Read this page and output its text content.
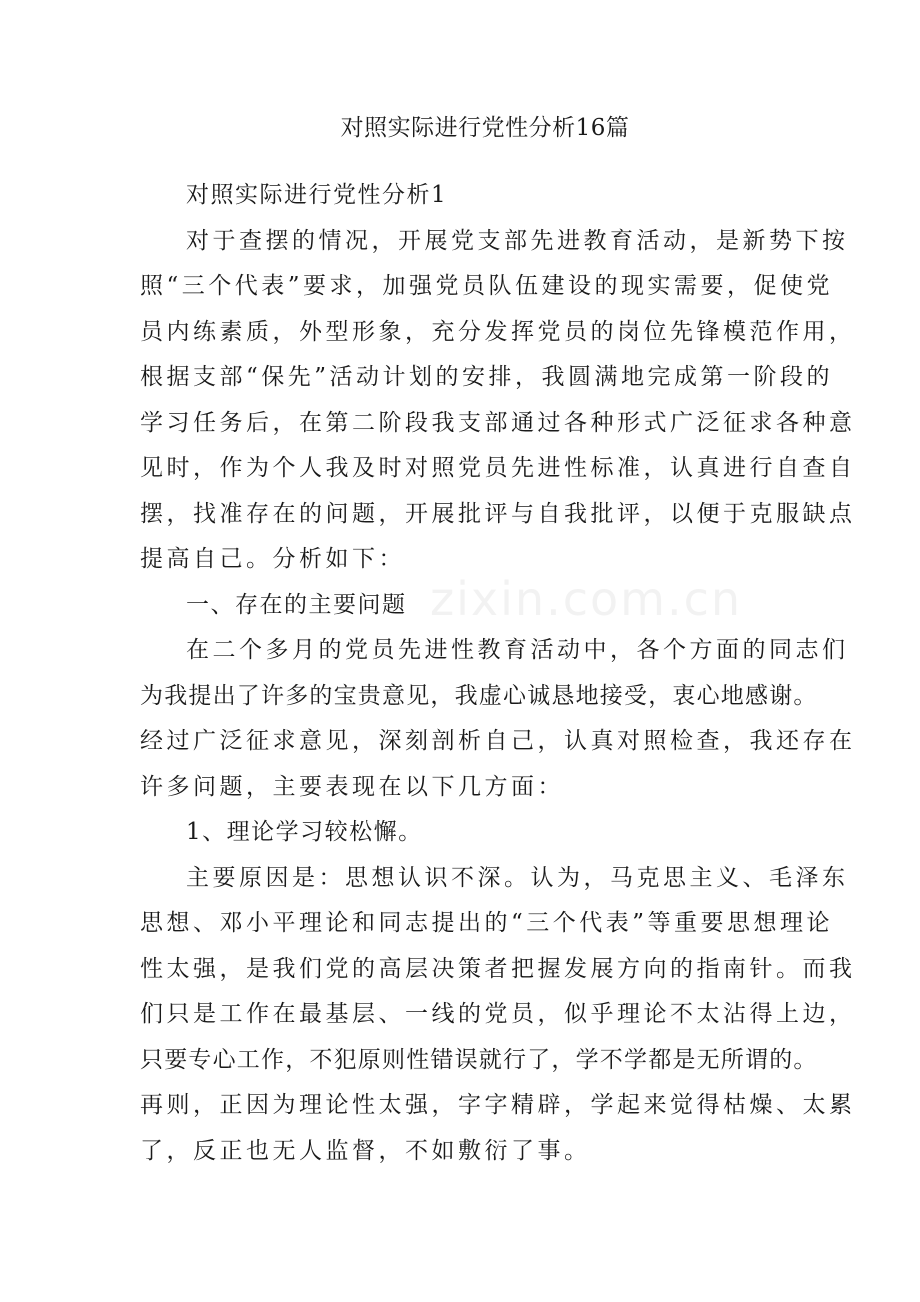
zixin.com.cn
对照实际进行党性分析16篇

对照实际进行党性分析1

对于查摆的情况，开展党支部先进教育活动，是新势下按
照“三个代表”要求，加强党员队伍建设的现实需要，促使党
员内练素质，外型形象，充分发挥党员的岗位先锋模范作用，
根据支部“保先”活动计划的安排，我圆满地完成第一阶段的
学习任务后，在第二阶段我支部通过各种形式广泛征求各种意
见时，作为个人我及时对照党员先进性标准，认真进行自查自
摆，找准存在的问题，开展批评与自我批评，以便于克服缺点
提高自己。分析如下：

一、存在的主要问题

在二个多月的党员先进性教育活动中，各个方面的同志们
为我提出了许多的宝贵意见，我虚心诚恳地接受，衷心地感谢。
经过广泛征求意见，深刻剖析自己，认真对照检查，我还存在
许多问题，主要表现在以下几方面：

1、理论学习较松懈。

主要原因是：思想认识不深。认为，马克思主义、毛泽东
思想、邓小平理论和同志提出的“三个代表”等重要思想理论
性太强，是我们党的高层决策者把握发展方向的指南针。而我
们只是工作在最基层、一线的党员，似乎理论不太沾得上边，
只要专心工作，不犯原则性错误就行了，学不学都是无所谓的。
再则，正因为理论性太强，字字精辟，学起来觉得枯燥、太累
了，反正也无人监督，不如敷衍了事。
